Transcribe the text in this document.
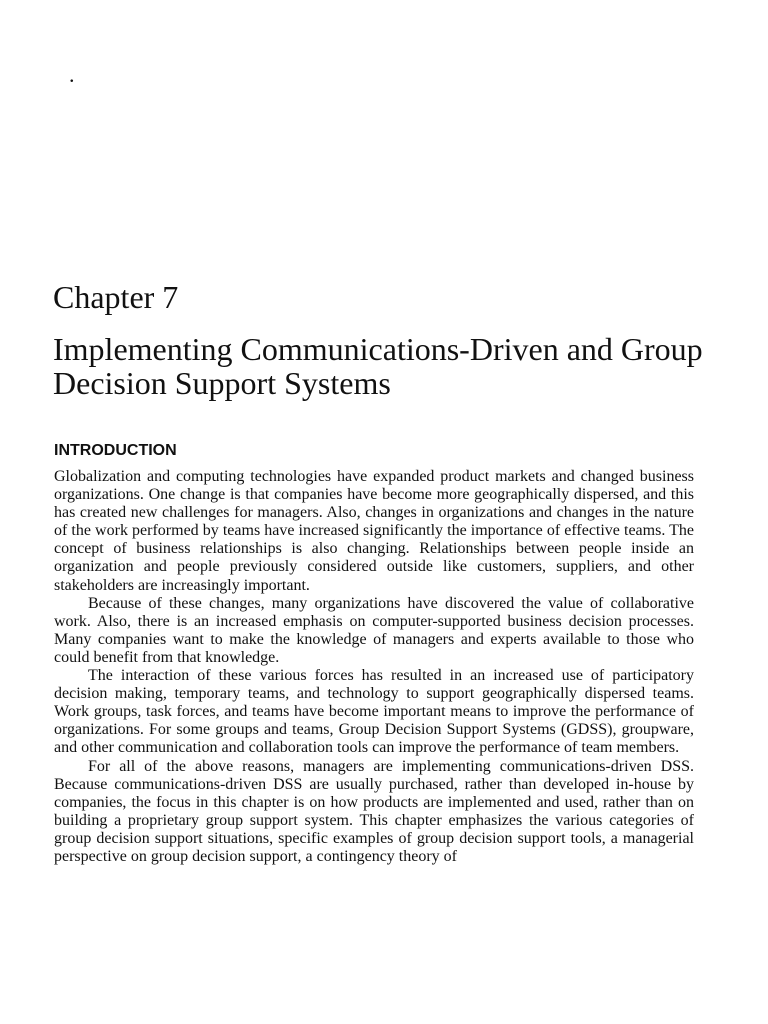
.
Chapter 7
Implementing Communications-Driven and Group Decision Support Systems
INTRODUCTION

Globalization and computing technologies have expanded product markets and changed business organizations. One change is that companies have become more geographically dispersed, and this has created new challenges for managers. Also, changes in organizations and changes in the nature of the work performed by teams have increased significantly the importance of effective teams. The concept of business relationships is also changing. Relationships between people inside an organization and people previously considered outside like customers, suppliers, and other stakeholders are increasingly important.

Because of these changes, many organizations have discovered the value of collaborative work. Also, there is an increased emphasis on computer-supported business decision processes. Many companies want to make the knowledge of managers and experts available to those who could benefit from that knowledge.

The interaction of these various forces has resulted in an increased use of participatory decision making, temporary teams, and technology to support geographically dispersed teams. Work groups, task forces, and teams have become important means to improve the performance of organizations. For some groups and teams, Group Decision Support Systems (GDSS), groupware, and other communication and collaboration tools can improve the performance of team members.

For all of the above reasons, managers are implementing communications-driven DSS. Because communications-driven DSS are usually purchased, rather than developed in-house by companies, the focus in this chapter is on how products are implemented and used, rather than on building a proprietary group support system. This chapter emphasizes the various categories of group decision support situations, specific examples of group decision support tools, a managerial perspective on group decision support, a contingency theory of
